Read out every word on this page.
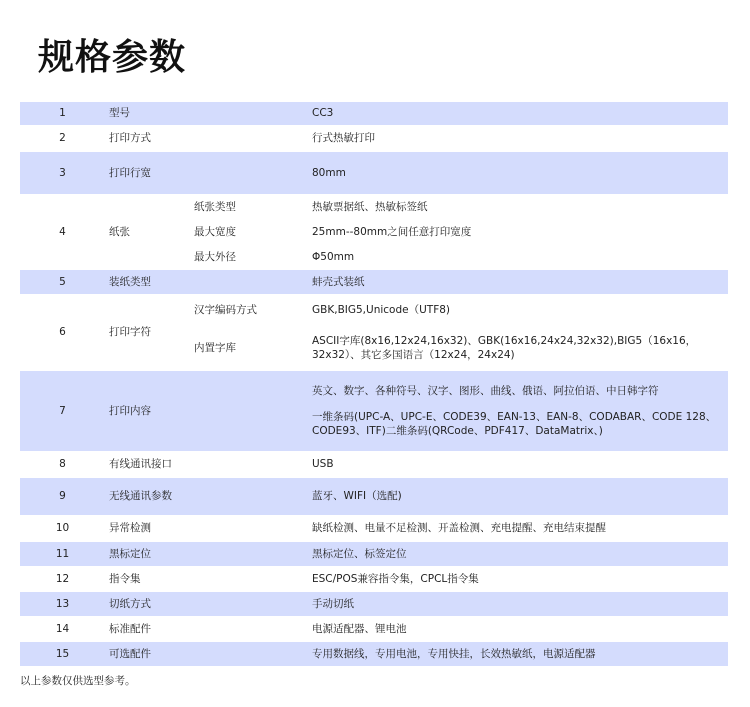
规格参数
1	型号		CC3
2	打印方式		行式热敏打印
3	打印行宽		80mm
4	纸张	纸张类型	热敏票据纸、热敏标签纸
		最大宽度	25mm--80mm之间任意打印宽度
		最大外径	Φ50mm
5	装纸类型		蚌壳式装纸
6	打印字符	汉字编码方式	GBK,BIG5,Unicode（UTF8)
		内置字库	ASCII字库(8x16,12x24,16x32)、GBK(16x16,24x24,32x32),BIG5（16x16，32x32）、其它多国语言（12x24，24x24)
7	打印内容		英文、数字、各种符号、汉字、图形、曲线、俄语、阿拉伯语、中日韩字符
一维条码(UPC-A、UPC-E、CODE39、EAN-13、EAN-8、CODABAR、CODE 128、CODE93、ITF)二维条码(QRCode、PDF417、DataMatrix、)

8	有线通讯接口		USB
9	无线通讯参数		蓝牙、WIFI（选配)
10	异常检测		缺纸检测、电量不足检测、开盖检测、充电提醒、充电结束提醒
11	黑标定位		黑标定位、标签定位
12	指令集		ESC/POS兼容指令集，CPCL指令集
13	切纸方式		手动切纸
14	标准配件		电源适配器、锂电池
15	可选配件		专用数据线，专用电池，专用快挂，长效热敏纸，电源适配器
以上参数仅供选型参考。
